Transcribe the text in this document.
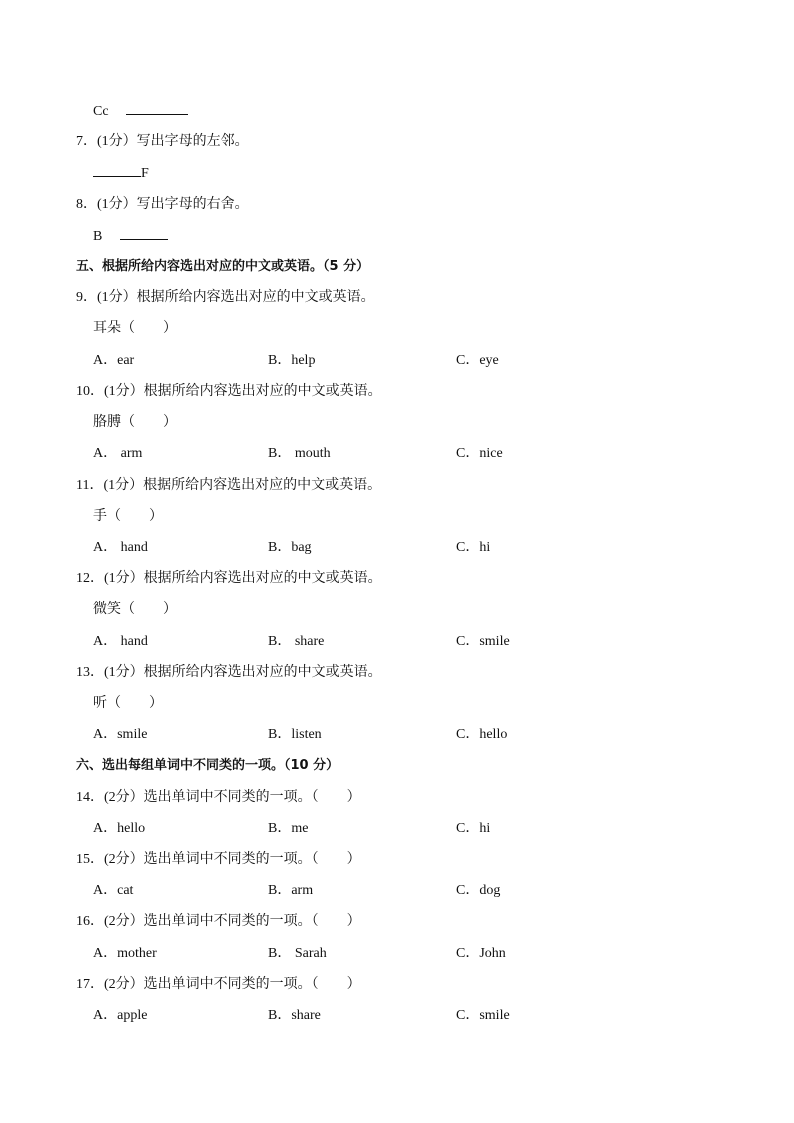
Cc
7．(1分）写出字母的左邻。
F
8．(1分）写出字母的右舍。
B
五、根据所给内容选出对应的中文或英语。（5 分）
9．(1分）根据所给内容选出对应的中文或英语。
耳朵（　　）
A．ear	B．help	C．eye
10．(1分）根据所给内容选出对应的中文或英语。
胳膊（　　）
A． arm	B． mouth	C．nice
11．(1分）根据所给内容选出对应的中文或英语。
手（　　）
A． hand	B．bag	C．hi
12．(1分）根据所给内容选出对应的中文或英语。
微笑（　　）
A． hand	B． share	C．smile
13．(1分）根据所给内容选出对应的中文或英语。
听（　　）
A．smile	B．listen	C．hello
六、选出每组单词中不同类的一项。（10 分）
14．(2分）选出单词中不同类的一项。（　　）
A．hello	B．me	C．hi
15．(2分）选出单词中不同类的一项。（　　）
A．cat	B．arm	C．dog
16．(2分）选出单词中不同类的一项。（　　）
A．mother	B． Sarah	C．John
17．(2分）选出单词中不同类的一项。（　　）
A．apple	B．share	C．smile
